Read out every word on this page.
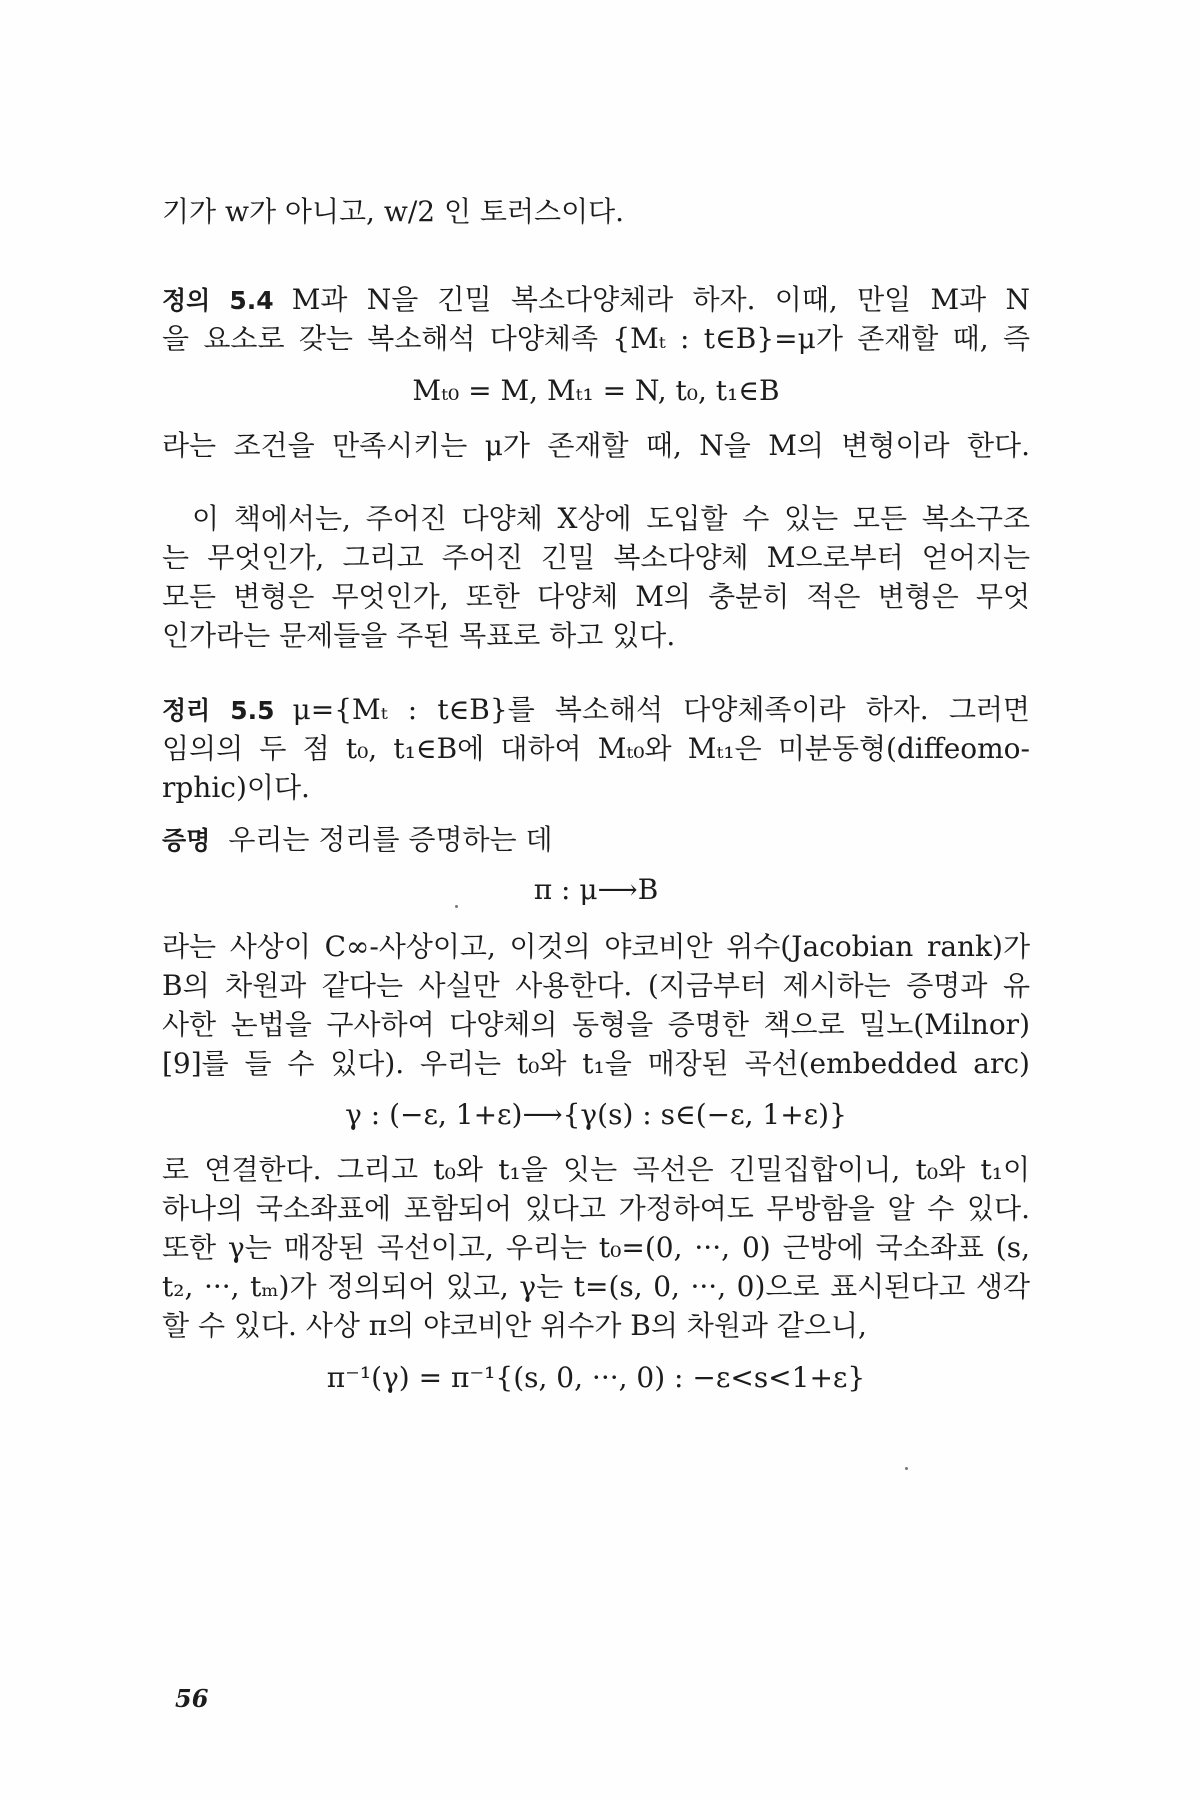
기가 w가 아니고, w/2 인 토러스이다.
정의 5.4 M과 N을 긴밀 복소다양체라 하자. 이때, 만일 M과 N
을 요소로 갖는 복소해석 다양체족 {Mₜ : t∈B}=μ가 존재할 때, 즉
Mₜ₀ = M, Mₜ₁ = N, t₀, t₁∈B
라는 조건을 만족시키는 μ가 존재할 때, N을 M의 변형이라 한다.
이 책에서는, 주어진 다양체 X상에 도입할 수 있는 모든 복소구조
는 무엇인가, 그리고 주어진 긴밀 복소다양체 M으로부터 얻어지는
모든 변형은 무엇인가, 또한 다양체 M의 충분히 적은 변형은 무엇
인가라는 문제들을 주된 목표로 하고 있다.
정리 5.5 μ={Mₜ : t∈B}를 복소해석 다양체족이라 하자. 그러면
임의의 두 점 t₀, t₁∈B에 대하여 Mₜ₀와 Mₜ₁은 미분동형(diffeomo-
rphic)이다.
증명 우리는 정리를 증명하는 데
π : μ⟶B
라는 사상이 C∞-사상이고, 이것의 야코비안 위수(Jacobian rank)가
B의 차원과 같다는 사실만 사용한다. (지금부터 제시하는 증명과 유
사한 논법을 구사하여 다양체의 동형을 증명한 책으로 밀노(Milnor)
[9]를 들 수 있다). 우리는 t₀와 t₁을 매장된 곡선(embedded arc)
γ : (−ε, 1+ε)⟶{γ(s) : s∈(−ε, 1+ε)}
로 연결한다. 그리고 t₀와 t₁을 잇는 곡선은 긴밀집합이니, t₀와 t₁이
하나의 국소좌표에 포함되어 있다고 가정하여도 무방함을 알 수 있다.
또한 γ는 매장된 곡선이고, 우리는 t₀=(0, ···, 0) 근방에 국소좌표 (s,
t₂, ···, tₘ)가 정의되어 있고, γ는 t=(s, 0, ···, 0)으로 표시된다고 생각
할 수 있다. 사상 π의 야코비안 위수가 B의 차원과 같으니,
π⁻¹(γ) = π⁻¹{(s, 0, ···, 0) : −ε<s<1+ε}
56
